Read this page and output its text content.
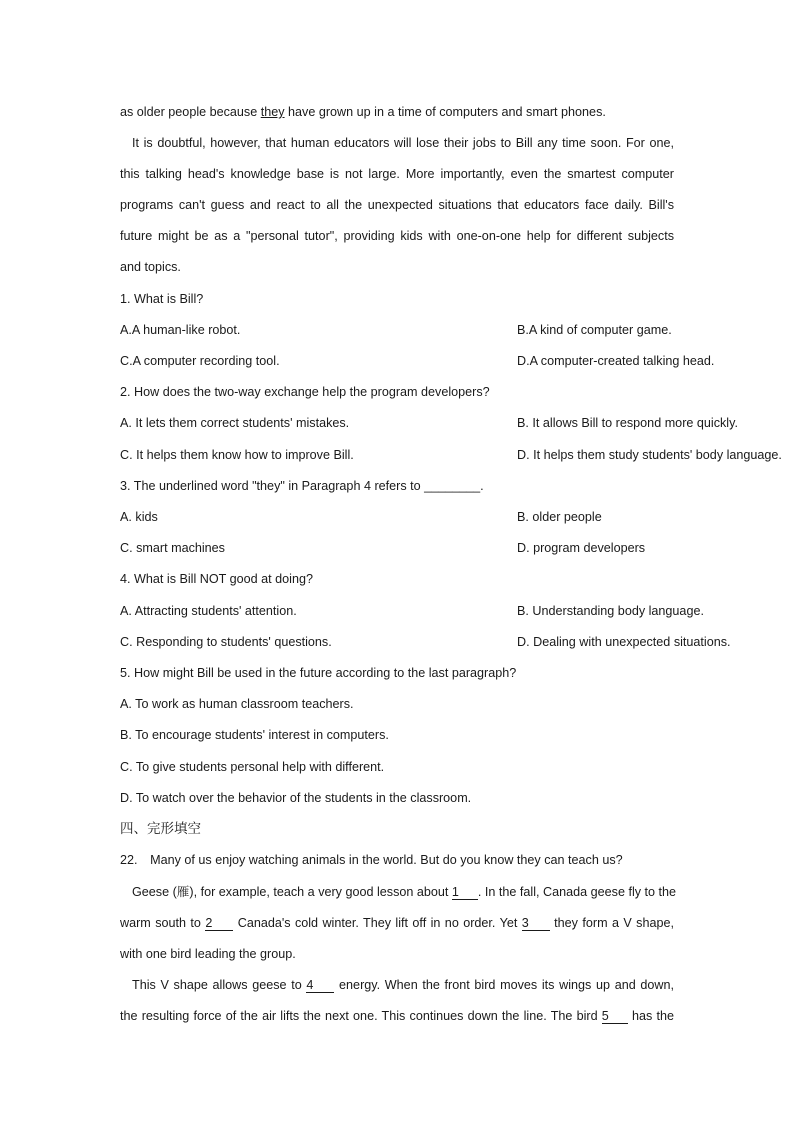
as older people because they have grown up in a time of computers and smart phones.
It is doubtful, however, that human educators will lose their jobs to Bill any time soon. For one,
this talking head's knowledge base is not large. More importantly, even the smartest computer
programs can't guess and react to all the unexpected situations that educators face daily. Bill's
future might be as a "personal tutor", providing kids with one-on-one help for different subjects
and topics.
1. What is Bill?
A.A human-like robot.	B.A kind of computer game.
C.A computer recording tool.	D.A computer-created talking head.
2. How does the two-way exchange help the program developers?
A. It lets them correct students' mistakes.	B. It allows Bill to respond more quickly.
C. It helps them know how to improve Bill.	D. It helps them study students' body language.
3. The underlined word "they" in Paragraph 4 refers to ________.
A. kids	B. older people
C. smart machines	D. program developers
4. What is Bill NOT good at doing?
A. Attracting students' attention.	B. Understanding body language.
C. Responding to students' questions.	D. Dealing with unexpected situations.
5. How might Bill be used in the future according to the last paragraph?
A. To work as human classroom teachers.
B. To encourage students' interest in computers.
C. To give students personal help with different.
D. To watch over the behavior of the students in the classroom.
四、完形填空
22.　Many of us enjoy watching animals in the world. But do you know they can teach us?
Geese (雁), for example, teach a very good lesson about 1 . In the fall, Canada geese fly to the
warm south to 2 Canada's cold winter. They lift off in no order. Yet 3 they form a V shape,
with one bird leading the group.
This V shape allows geese to 4 energy. When the front bird moves its wings up and down,
the resulting force of the air lifts the next one. This continues down the line. The bird 5 has the
